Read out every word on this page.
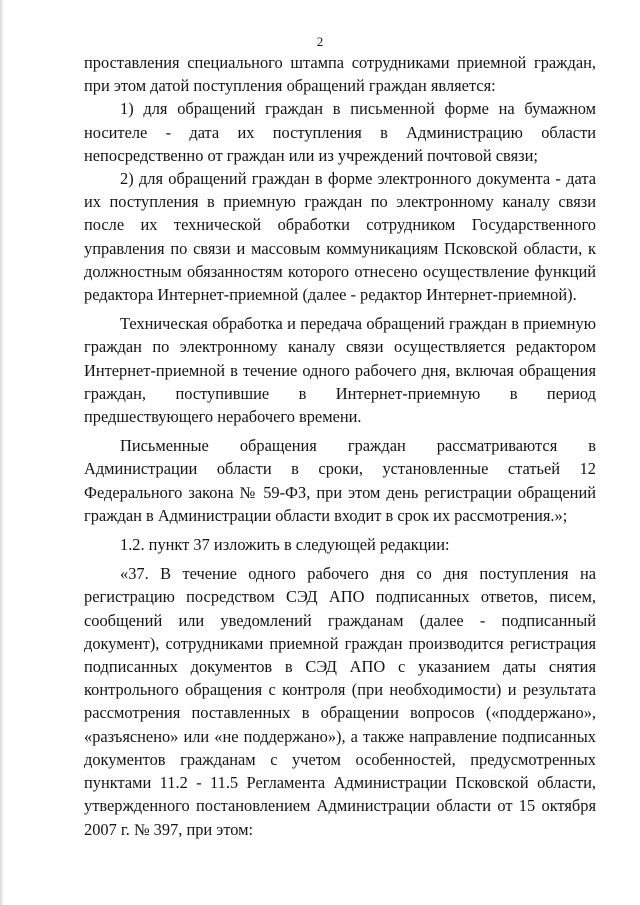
2

проставления специального штампа сотрудниками приемной граждан, при этом датой поступления обращений граждан является:

1) для обращений граждан в письменной форме на бумажном носителе - дата их поступления в Администрацию области непосредственно от граждан или из учреждений почтовой связи;

2) для обращений граждан в форме электронного документа - дата их поступления в приемную граждан по электронному каналу связи после их технической обработки сотрудником Государственного управления по связи и массовым коммуникациям Псковской области, к должностным обязанностям которого отнесено осуществление функций редактора Интернет-приемной (далее - редактор Интернет-приемной).

Техническая обработка и передача обращений граждан в приемную граждан по электронному каналу связи осуществляется редактором Интернет-приемной в течение одного рабочего дня, включая обращения граждан, поступившие в Интернет-приемную в период предшествующего нерабочего времени.

Письменные обращения граждан рассматриваются в Администрации области в сроки, установленные статьей 12 Федерального закона № 59-ФЗ, при этом день регистрации обращений граждан в Администрации области входит в срок их рассмотрения.»;

1.2. пункт 37 изложить в следующей редакции:

«37. В течение одного рабочего дня со дня поступления на регистрацию посредством СЭД АПО подписанных ответов, писем, сообщений или уведомлений гражданам (далее - подписанный документ), сотрудниками приемной граждан производится регистрация подписанных документов в СЭД АПО с указанием даты снятия контрольного обращения с контроля (при необходимости) и результата рассмотрения поставленных в обращении вопросов («поддержано», «разъяснено» или «не поддержано»), а также направление подписанных документов гражданам с учетом особенностей, предусмотренных пунктами 11.2 - 11.5 Регламента Администрации Псковской области, утвержденного постановлением Администрации области от 15 октября 2007 г. № 397, при этом:
